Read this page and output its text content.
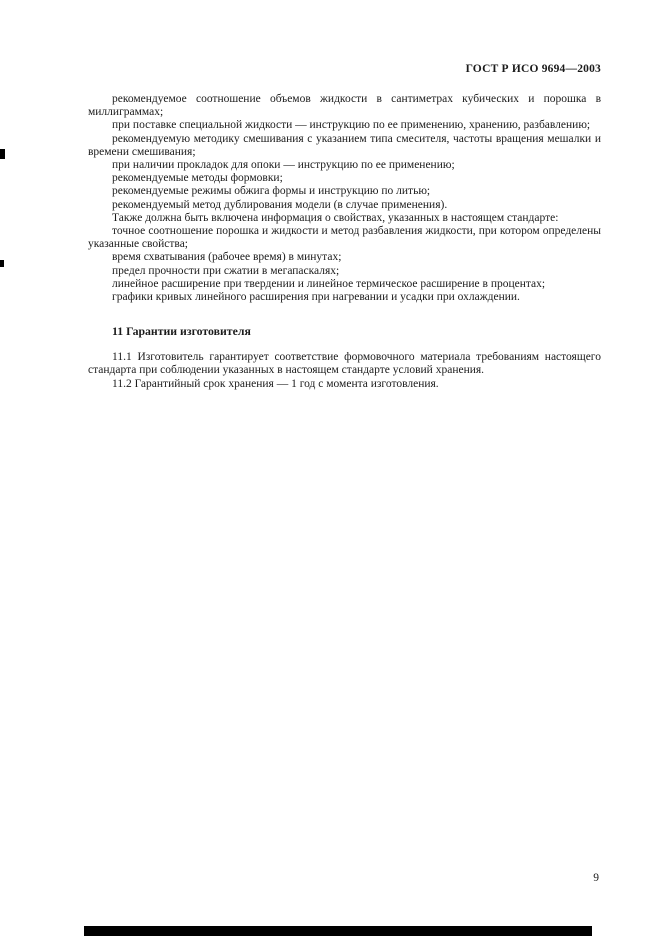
ГОСТ Р ИСО 9694—2003

рекомендуемое соотношение объемов жидкости в сантиметрах кубических и порошка в миллиграммах;

при поставке специальной жидкости — инструкцию по ее применению, хранению, разбавлению;

рекомендуемую методику смешивания с указанием типа смесителя, частоты вращения мешалки и времени смешивания;

при наличии прокладок для опоки — инструкцию по ее применению;

рекомендуемые методы формовки;

рекомендуемые режимы обжига формы и инструкцию по литью;

рекомендуемый метод дублирования модели (в случае применения).

Также должна быть включена информация о свойствах, указанных в настоящем стандарте:

точное соотношение порошка и жидкости и метод разбавления жидкости, при котором определены указанные свойства;

время схватывания (рабочее время) в минутах;

предел прочности при сжатии в мегапаскалях;

линейное расширение при твердении и линейное термическое расширение в процентах;

графики кривых линейного расширения при нагревании и усадки при охлаждении.

11 Гарантии изготовителя

11.1 Изготовитель гарантирует соответствие формовочного материала требованиям настоящего стандарта при соблюдении указанных в настоящем стандарте условий хранения.

11.2 Гарантийный срок хранения — 1 год с момента изготовления.

9
